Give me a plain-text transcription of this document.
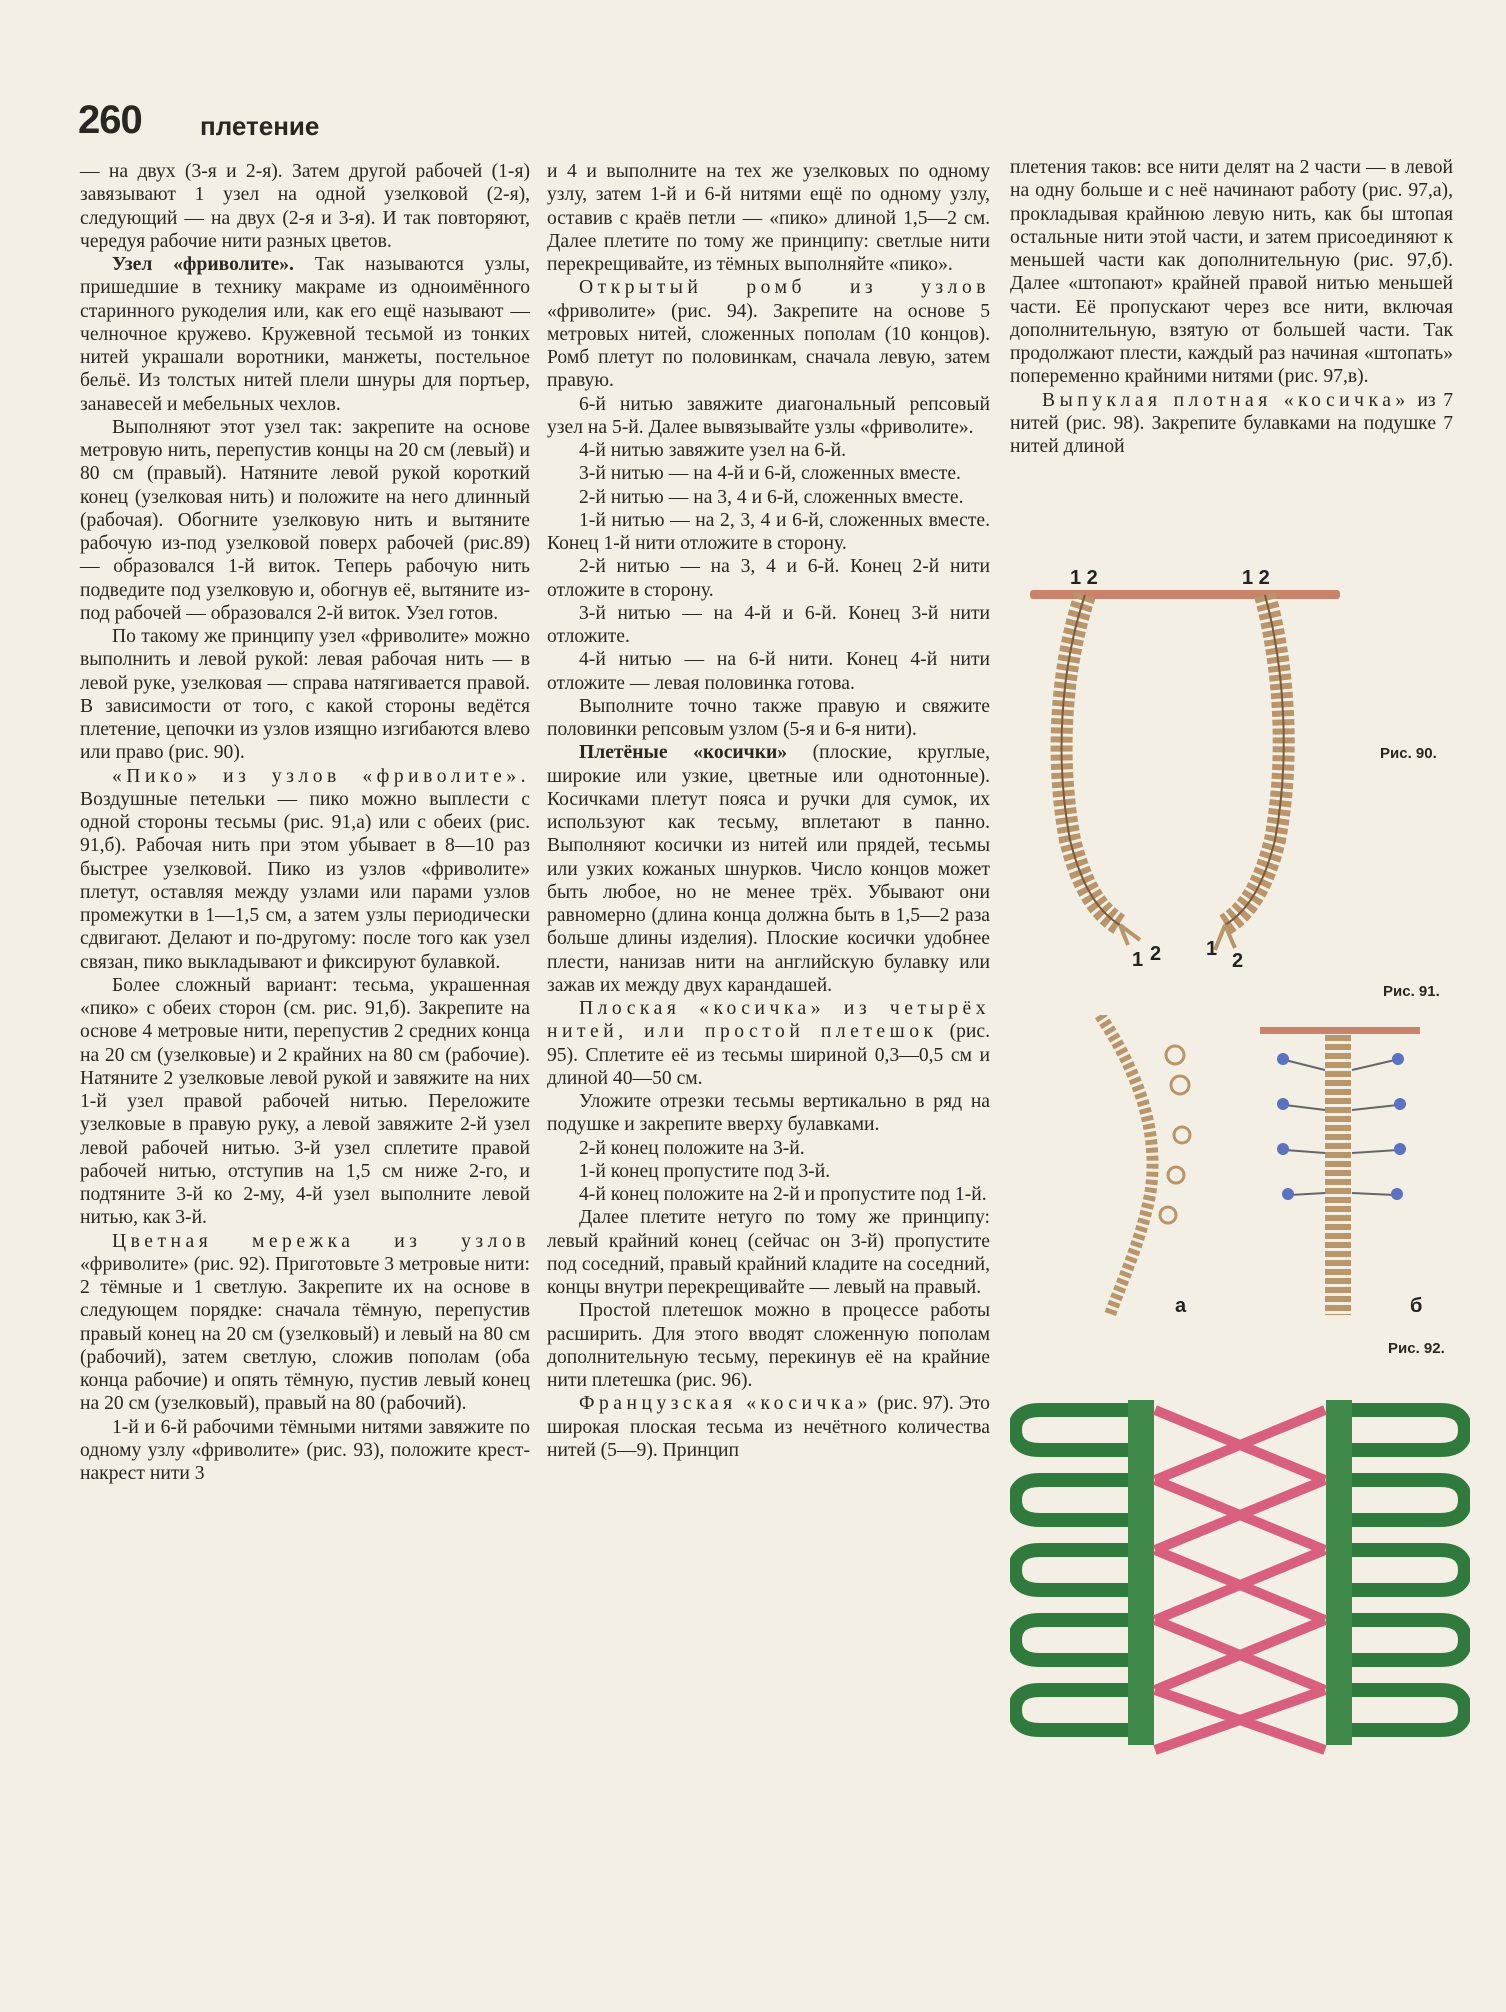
260 плетение

— на двух (3-я и 2-я). Затем другой рабочей (1-я) завязывают 1 узел на одной узелковой (2-я), следующий — на двух (2-я и 3-я). И так повторяют, чередуя рабочие нити разных цветов.

Узел «фриволите». Так называются узлы, пришедшие в технику макраме из одноимённого старинного рукоделия или, как его ещё называют — челночное кружево. Кружевной тесьмой из тонких нитей украшали воротники, манжеты, постельное бельё. Из толстых нитей плели шнуры для портьер, занавесей и мебельных чехлов.

Выполняют этот узел так: закрепите на основе метровую нить, перепустив концы на 20 см (левый) и 80 см (правый). Натяните левой рукой короткий конец (узелковая нить) и положите на него длинный (рабочая). Обогните узелковую нить и вытяните рабочую из-под узелковой поверх рабочей (рис.89) — образовался 1-й виток. Теперь рабочую нить подведите под узелковую и, обогнув её, вытяните из-под рабочей — образовался 2-й виток. Узел готов.

По такому же принципу узел «фриволите» можно выполнить и левой рукой: левая рабочая нить — в левой руке, узелковая — справа натягивается правой. В зависимости от того, с какой стороны ведётся плетение, цепочки из узлов изящно изгибаются влево или право (рис. 90).

«Пико» из узлов «фриволите». Воздушные петельки — пико можно выплести с одной стороны тесьмы (рис. 91,а) или с обеих (рис. 91,б). Рабочая нить при этом убывает в 8—10 раз быстрее узелковой. Пико из узлов «фриволите» плетут, оставляя между узлами или парами узлов промежутки в 1—1,5 см, а затем узлы периодически сдвигают. Делают и по-другому: после того как узел связан, пико выкладывают и фиксируют булавкой.

Более сложный вариант: тесьма, украшенная «пико» с обеих сторон (см. рис. 91,б). Закрепите на основе 4 метровые нити, перепустив 2 средних конца на 20 см (узелковые) и 2 крайних на 80 см (рабочие). Натяните 2 узелковые левой рукой и завяжите на них 1-й узел правой рабочей нитью. Переложите узелковые в правую руку, а левой завяжите 2-й узел левой рабочей нитью. 3-й узел сплетите правой рабочей нитью, отступив на 1,5 см ниже 2-го, и подтяните 3-й ко 2-му, 4-й узел выполните левой нитью, как 3-й.

Цветная мережка из узлов «фриволите» (рис. 92). Приготовьте 3 метровые нити: 2 тёмные и 1 светлую. Закрепите их на основе в следующем порядке: сначала тёмную, перепустив правый конец на 20 см (узелковый) и левый на 80 см (рабочий), затем светлую, сложив пополам (оба конца рабочие) и опять тёмную, пустив левый конец на 20 см (узелковый), правый на 80 (рабочий).

1-й и 6-й рабочими тёмными нитями завяжите по одному узлу «фриволите» (рис. 93), положите крест-накрест нити 3

и 4 и выполните на тех же узелковых по одному узлу, затем 1-й и 6-й нитями ещё по одному узлу, оставив с краёв петли — «пико» длиной 1,5—2 см. Далее плетите по тому же принципу: светлые нити перекрещивайте, из тёмных выполняйте «пико».

Открытый ромб из узлов «фриволите» (рис. 94). Закрепите на основе 5 метровых нитей, сложенных пополам (10 концов). Ромб плетут по половинкам, сначала левую, затем правую.

6-й нитью завяжите диагональный репсовый узел на 5-й. Далее вывязывайте узлы «фриволите».

4-й нитью завяжите узел на 6-й.

3-й нитью — на 4-й и 6-й, сложенных вместе.

2-й нитью — на 3, 4 и 6-й, сложенных вместе.

1-й нитью — на 2, 3, 4 и 6-й, сложенных вместе. Конец 1-й нити отложите в сторону.

2-й нитью — на 3, 4 и 6-й. Конец 2-й нити отложите в сторону.

3-й нитью — на 4-й и 6-й. Конец 3-й нити отложите.

4-й нитью — на 6-й нити. Конец 4-й нити отложите — левая половинка готова.

Выполните точно также правую и свяжите половинки репсовым узлом (5-я и 6-я нити).

Плетёные «косички» (плоские, круглые, широкие или узкие, цветные или однотонные). Косичками плетут пояса и ручки для сумок, их используют как тесьму, вплетают в панно. Выполняют косички из нитей или прядей, тесьмы или узких кожаных шнурков. Число концов может быть любое, но не менее трёх. Убывают они равномерно (длина конца должна быть в 1,5—2 раза больше длины изделия). Плоские косички удобнее плести, нанизав нити на английскую булавку или зажав их между двух карандашей.

Плоская «косичка» из четырёх нитей, или простой плетешок (рис. 95). Сплетите её из тесьмы шириной 0,3—0,5 см и длиной 40—50 см.

Уложите отрезки тесьмы вертикально в ряд на подушке и закрепите вверху булавками.

2-й конец положите на 3-й.

1-й конец пропустите под 3-й.

4-й конец положите на 2-й и пропустите под 1-й.

Далее плетите нетуго по тому же принципу: левый крайний конец (сейчас он 3-й) пропустите под соседний, правый крайний кладите на соседний, концы внутри перекрещивайте — левый на правый.

Простой плетешок можно в процессе работы расширить. Для этого вводят сложенную пополам дополнительную тесьму, перекинув её на крайние нити плетешка (рис. 96).

Французская «косичка» (рис. 97). Это широкая плоская тесьма из нечётного количества нитей (5—9). Принцип

плетения таков: все нити делят на 2 части — в левой на одну больше и с неё начинают работу (рис. 97,а), прокладывая крайнюю левую нить, как бы штопая остальные нити этой части, и затем присоединяют к меньшей части как дополнительную (рис. 97,б). Далее «штопают» крайней правой нитью меньшей части. Её пропускают через все нити, включая дополнительную, взятую от большей части. Так продолжают плести, каждый раз начиная «штопать» попеременно крайними нитями (рис. 97,в).

Выпуклая плотная «косичка» из 7 нитей (рис. 98). Закрепите булавками на подушке 7 нитей длиной

1 2	1 2
1 2 1
2
Рис. 90.
Рис. 91.
а	б
Рис. 92.
